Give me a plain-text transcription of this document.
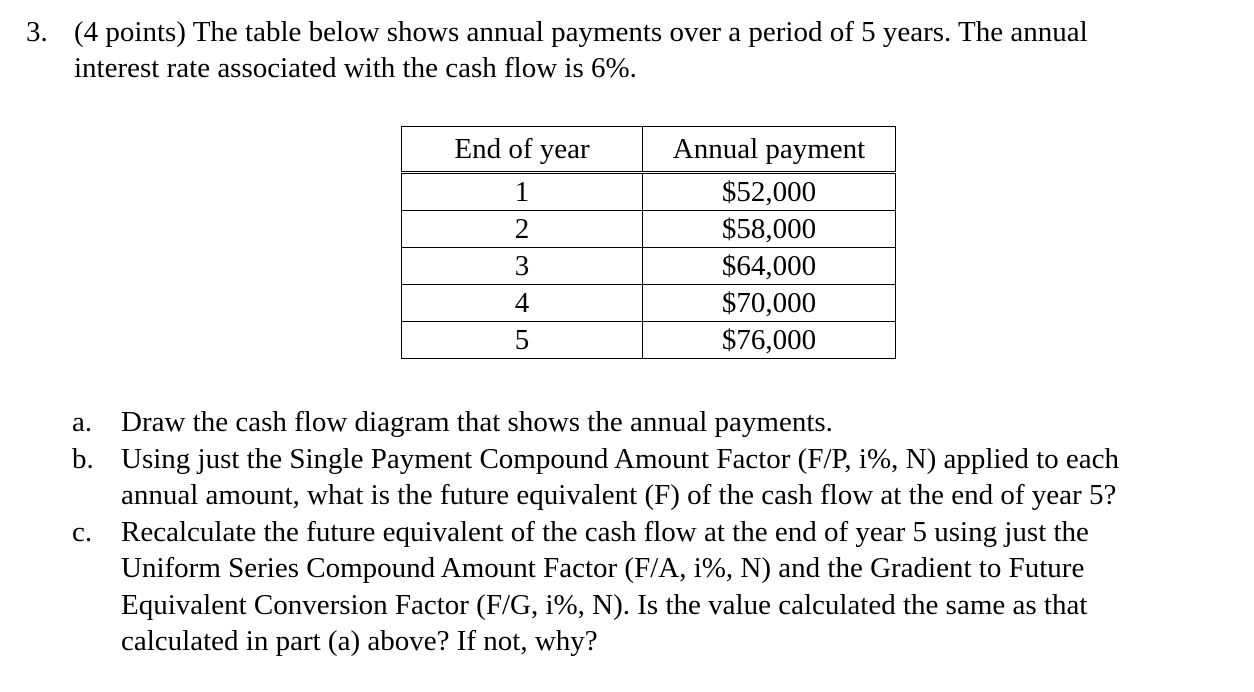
3. (4 points) The table below shows annual payments over a period of 5 years. The annual
interest rate associated with the cash flow is 6%.
End of year	Annual payment
1	$52,000
2	$58,000
3	$64,000
4	$70,000
5	$76,000
a. Draw the cash flow diagram that shows the annual payments.
b. Using just the Single Payment Compound Amount Factor (F/P, i%, N) applied to each
annual amount, what is the future equivalent (F) of the cash flow at the end of year 5?
c. Recalculate the future equivalent of the cash flow at the end of year 5 using just the
Uniform Series Compound Amount Factor (F/A, i%, N) and the Gradient to Future
Equivalent Conversion Factor (F/G, i%, N). Is the value calculated the same as that
calculated in part (a) above? If not, why?
